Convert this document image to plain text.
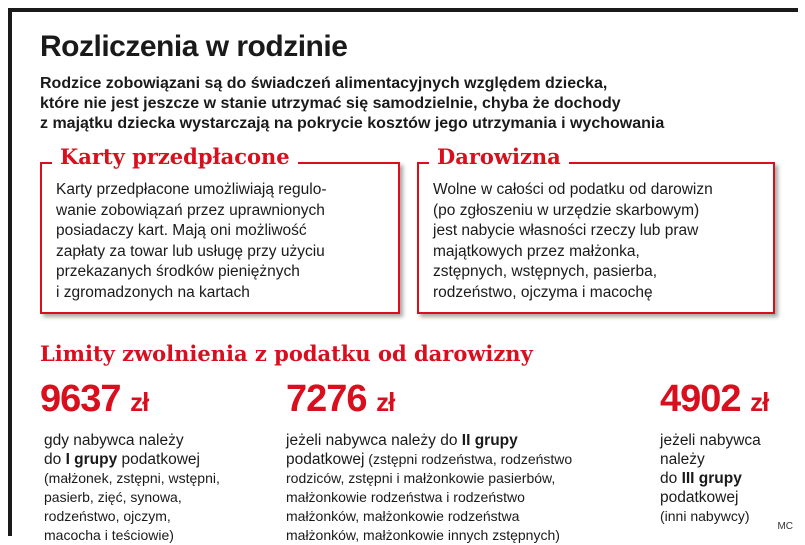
Rozliczenia w rodzinie
Rodzice zobowiązani są do świadczeń alimentacyjnych względem dziecka,
które nie jest jeszcze w stanie utrzymać się samodzielnie, chyba że dochody
z majątku dziecka wystarczają na pokrycie kosztów jego utrzymania i wychowania
Karty przedpłacone
Karty przedpłacone umożliwiają regulo-
wanie zobowiązań przez uprawnionych
posiadaczy kart. Mają oni możliwość
zapłaty za towar lub usługę przy użyciu
przekazanych środków pieniężnych
i zgromadzonych na kartach
Darowizna
Wolne w całości od podatku od darowizn
(po zgłoszeniu w urzędzie skarbowym)
jest nabycie własności rzeczy lub praw
majątkowych przez małżonka,
zstępnych, wstępnych, pasierba,
rodzeństwo, ojczyma i macochę
Limity zwolnienia z podatku od darowizny
9637 zł
gdy nabywca należy
do I grupy podatkowej
(małżonek, zstępni, wstępni,
pasierb, zięć, synowa,
rodzeństwo, ojczym,
macocha i teściowie)
7276 zł
jeżeli nabywca należy do II grupy
podatkowej (zstępni rodzeństwa, rodzeństwo
rodziców, zstępni i małżonkowie pasierbów,
małżonkowie rodzeństwa i rodzeństwo
małżonków, małżonkowie rodzeństwa
małżonków, małżonkowie innych zstępnych)
4902 zł
jeżeli nabywca
należy
do III grupy
podatkowej
(inni nabywcy)
MC
